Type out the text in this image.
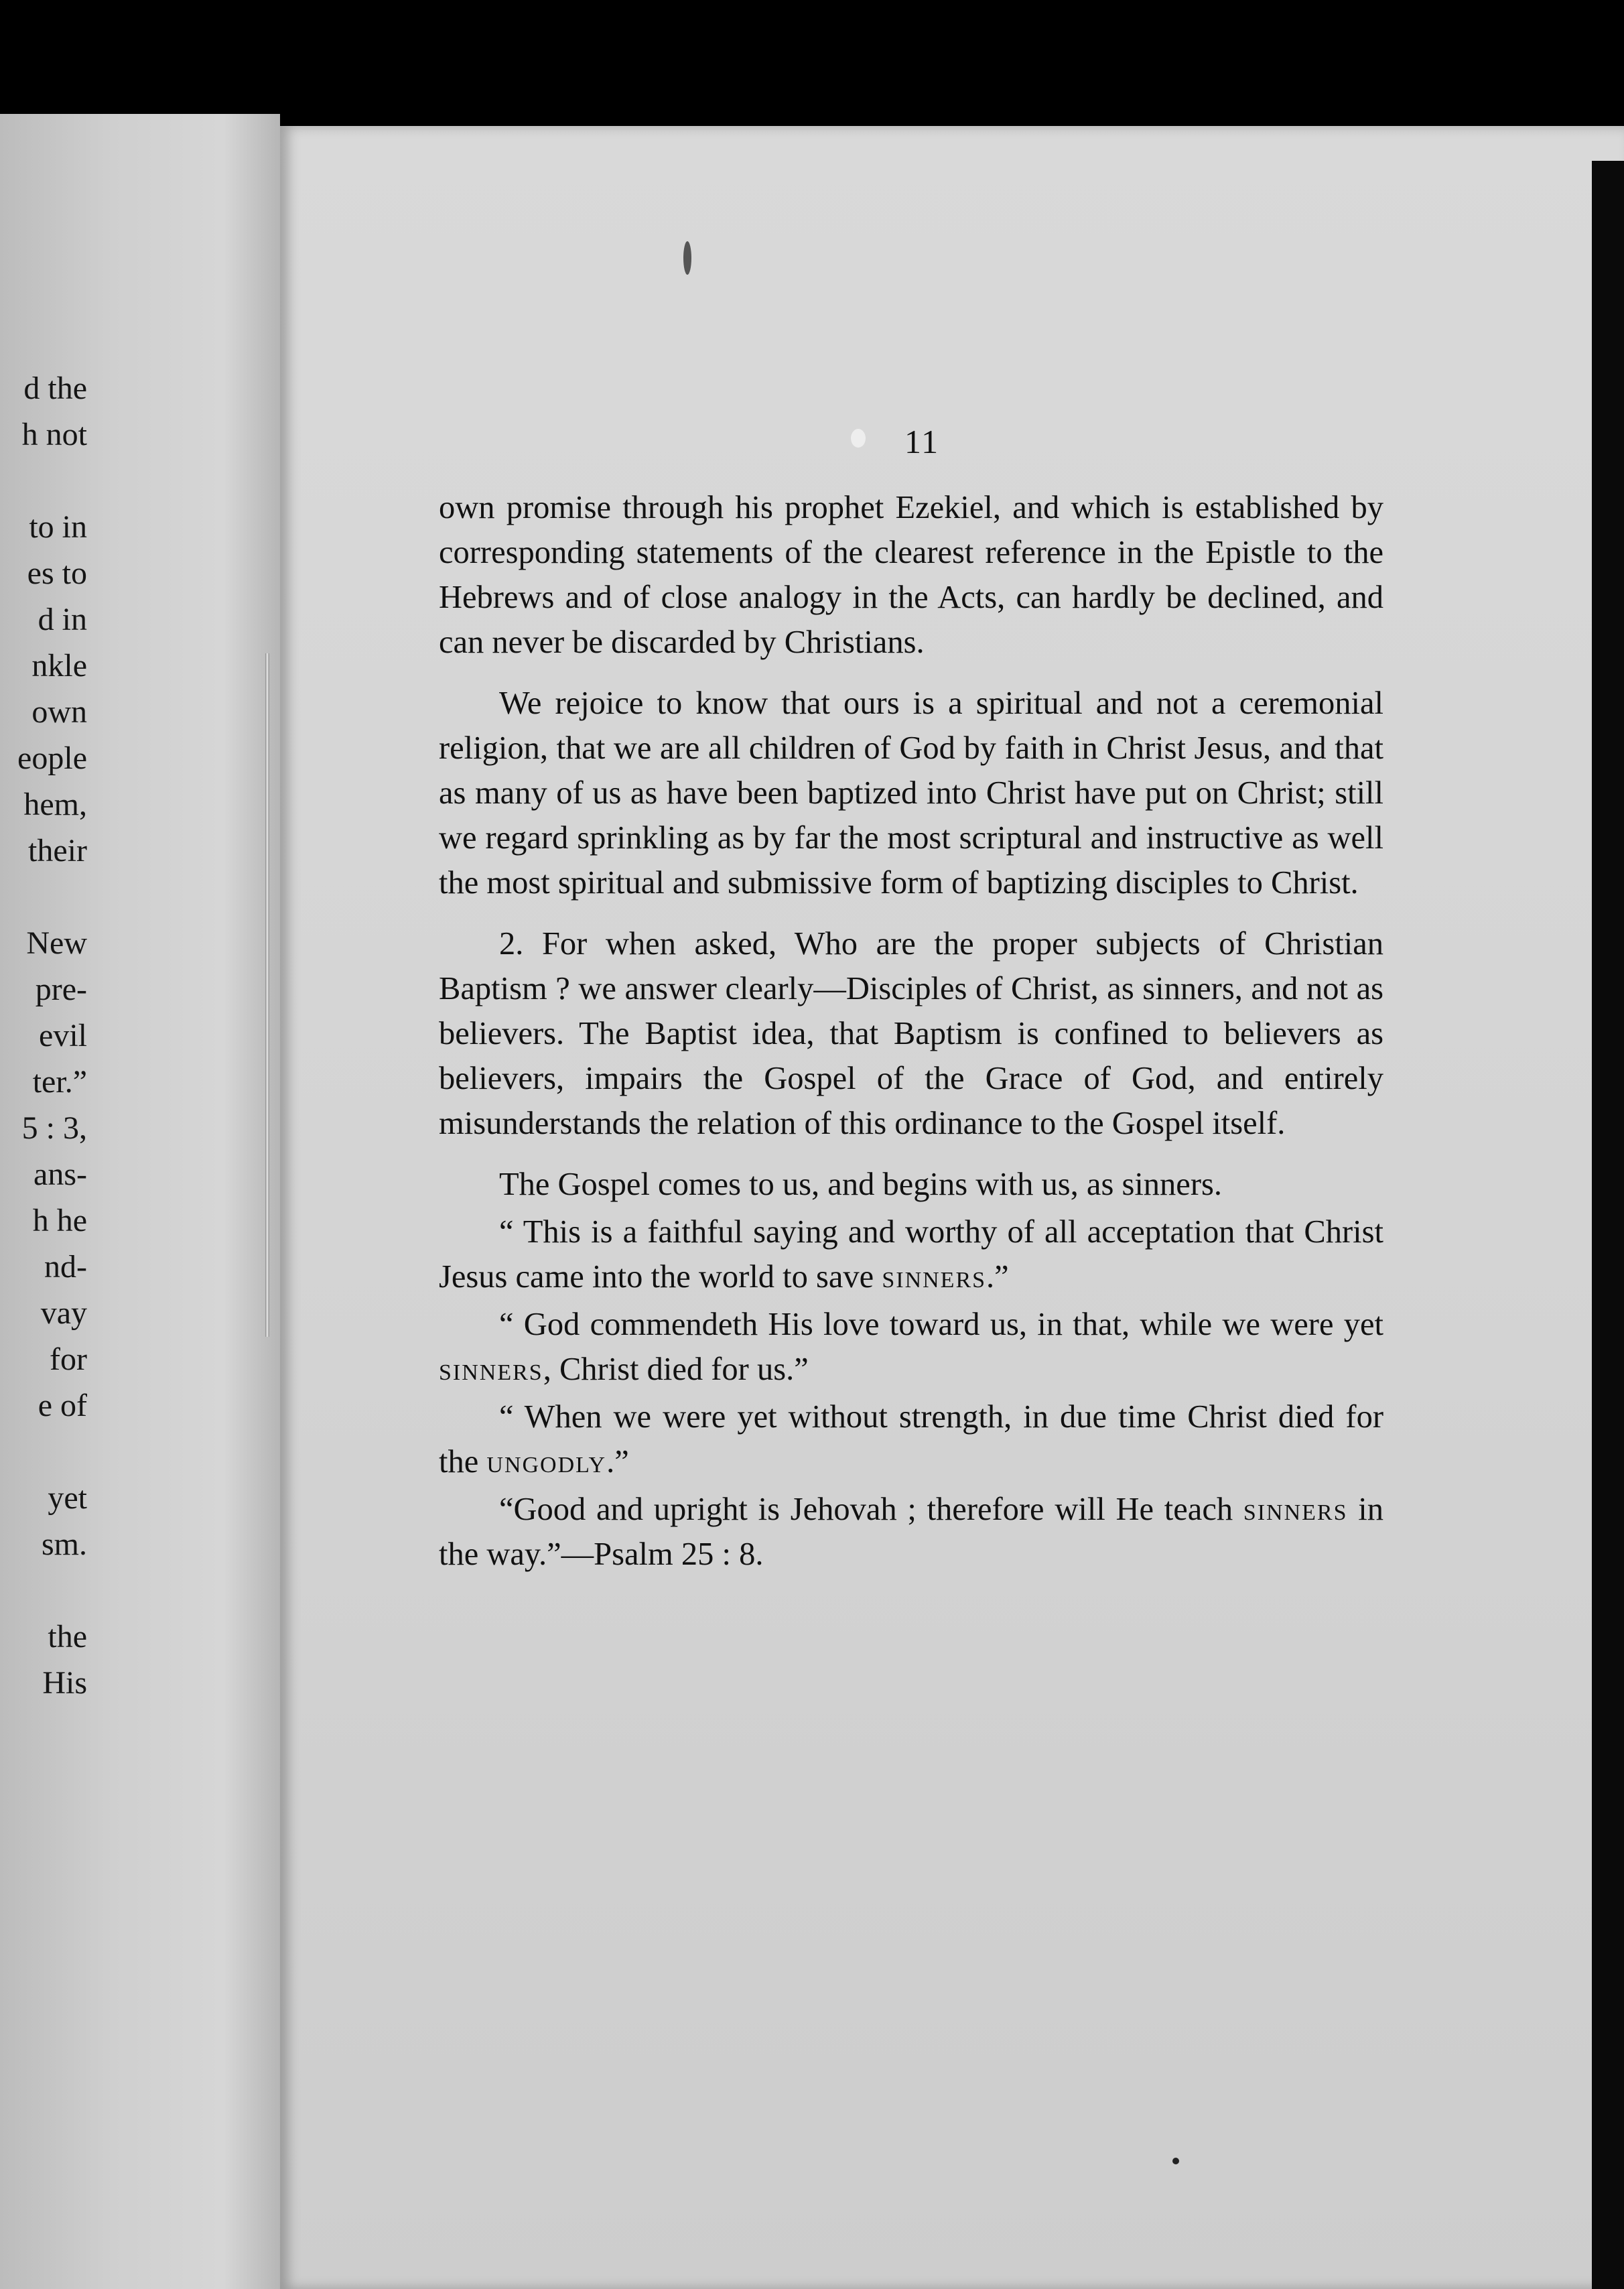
d the
h not
to in
es to
d in
nkle
own
eople
hem,
their
New
pre-
evil
ter.”
5 : 3,
ans-
h he
nd-
vay
for
e of
yet
sm.
the
His
11

own promise through his prophet Ezekiel, and which is established by corresponding statements of the clearest reference in the Epistle to the Hebrews and of close analogy in the Acts, can hardly be declined, and can never be discarded by Christians.

We rejoice to know that ours is a spiritual and not a ceremonial religion, that we are all children of God by faith in Christ Jesus, and that as many of us as have been baptized into Christ have put on Christ; still we regard sprinkling as by far the most scriptural and instructive as well the most spiritual and submissive form of baptizing disciples to Christ.

2. For when asked, Who are the proper subjects of Christian Baptism ? we answer clearly—Disciples of Christ, as sinners, and not as believers. The Baptist idea, that Baptism is confined to believers as believers, impairs the Gospel of the Grace of God, and entirely misunderstands the relation of this ordinance to the Gospel itself.

The Gospel comes to us, and begins with us, as sinners.

“ This is a faithful saying and worthy of all acceptation that Christ Jesus came into the world to save sinners.”

“ God commendeth His love toward us, in that, while we were yet sinners, Christ died for us.”

“ When we were yet without strength, in due time Christ died for the ungodly.”

“Good and upright is Jehovah ; therefore will He teach sinners in the way.”—Psalm 25 : 8.
